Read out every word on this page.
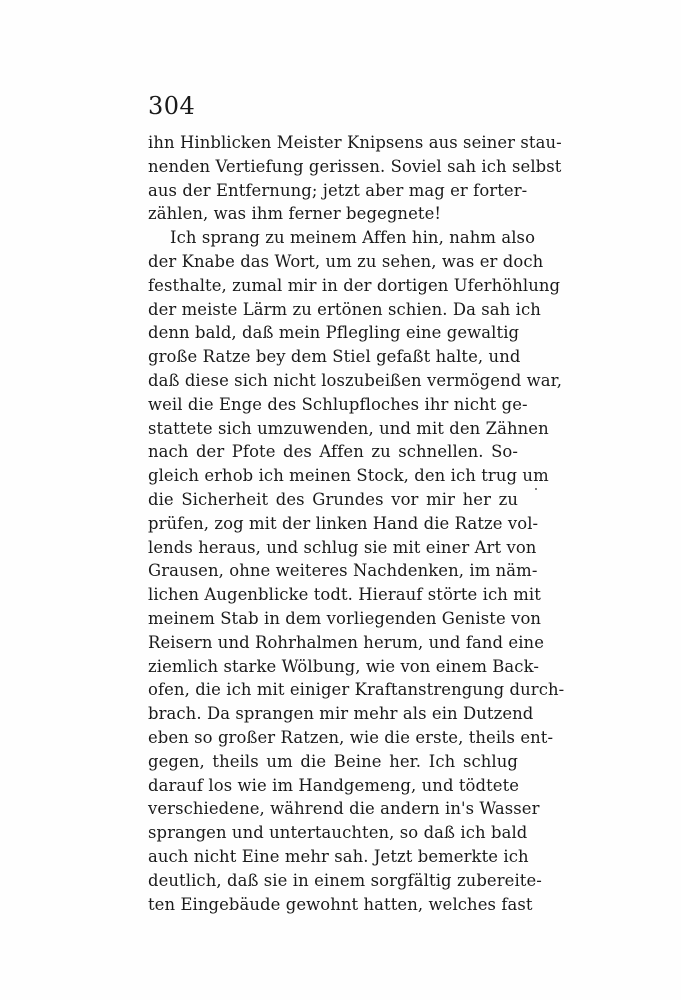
304
ihn Hinblicken Meister Knipsens aus seiner stau-
nenden Vertiefung gerissen. Soviel sah ich selbst
aus der Entfernung; jetzt aber mag er forter-
zählen, was ihm ferner begegnete!
Ich sprang zu meinem Affen hin, nahm also
der Knabe das Wort, um zu sehen, was er doch
festhalte, zumal mir in der dortigen Uferhöhlung
der meiste Lärm zu ertönen schien. Da sah ich
denn bald, daß mein Pflegling eine gewaltig
große Ratze bey dem Stiel gefaßt halte, und
daß diese sich nicht loszubeißen vermögend war,
weil die Enge des Schlupfloches ihr nicht ge-
stattete sich umzuwenden, und mit den Zähnen
nach der Pfote des Affen zu schnellen. So-
gleich erhob ich meinen Stock, den ich trug um
die Sicherheit des Grundes vor mir her zu
prüfen, zog mit der linken Hand die Ratze vol-
lends heraus, und schlug sie mit einer Art von
Grausen, ohne weiteres Nachdenken, im näm-
lichen Augenblicke todt. Hierauf störte ich mit
meinem Stab in dem vorliegenden Geniste von
Reisern und Rohrhalmen herum, und fand eine
ziemlich starke Wölbung, wie von einem Back-
ofen, die ich mit einiger Kraftanstrengung durch-
brach. Da sprangen mir mehr als ein Dutzend
eben so großer Ratzen, wie die erste, theils ent-
gegen, theils um die Beine her. Ich schlug
darauf los wie im Handgemeng, und tödtete
verschiedene, während die andern in's Wasser
sprangen und untertauchten, so daß ich bald
auch nicht Eine mehr sah. Jetzt bemerkte ich
deutlich, daß sie in einem sorgfältig zubereite-
ten Eingebäude gewohnt hatten, welches fast
